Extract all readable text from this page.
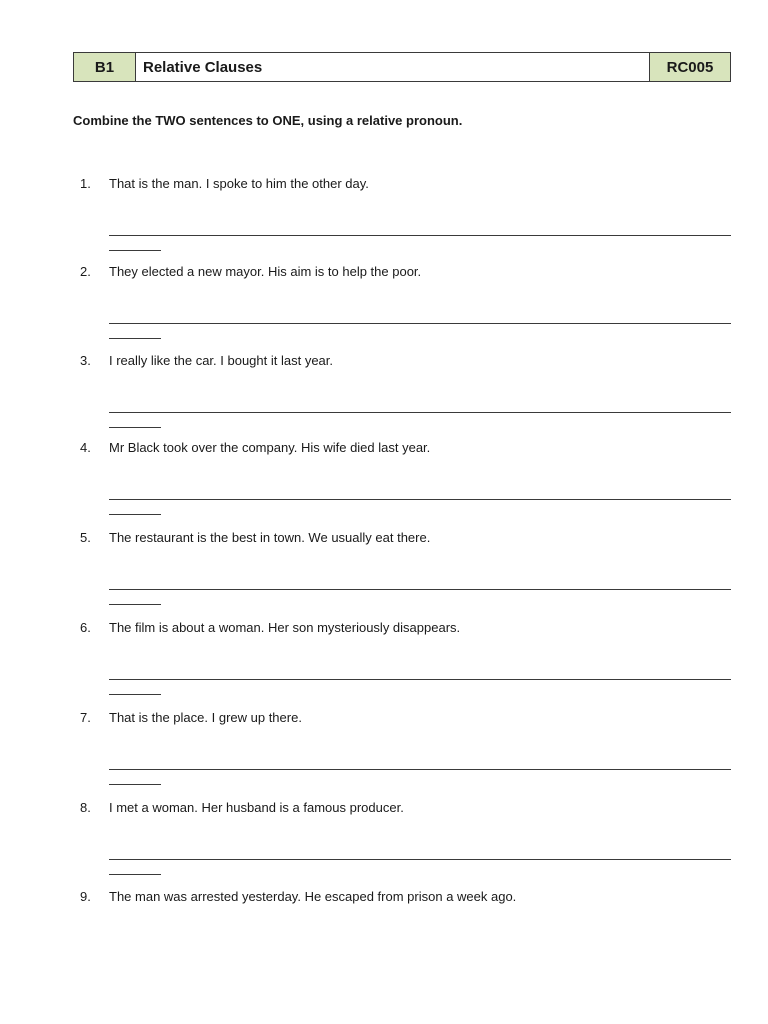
B1	Relative Clauses	RC005
Combine the TWO sentences to ONE, using a relative pronoun.
1.	That is the man. I spoke to him the other day.
2.	They elected a new mayor. His aim is to help the poor.
3.	I really like the car. I bought it last year.
4.	Mr Black took over the company. His wife died last year.
5.	The restaurant is the best in town. We usually eat there.
6.	The film is about a woman. Her son mysteriously disappears.
7.	That is the place. I grew up there.
8.	I met a woman. Her husband is a famous producer.
9.	The man was arrested yesterday. He escaped from prison a week ago.
